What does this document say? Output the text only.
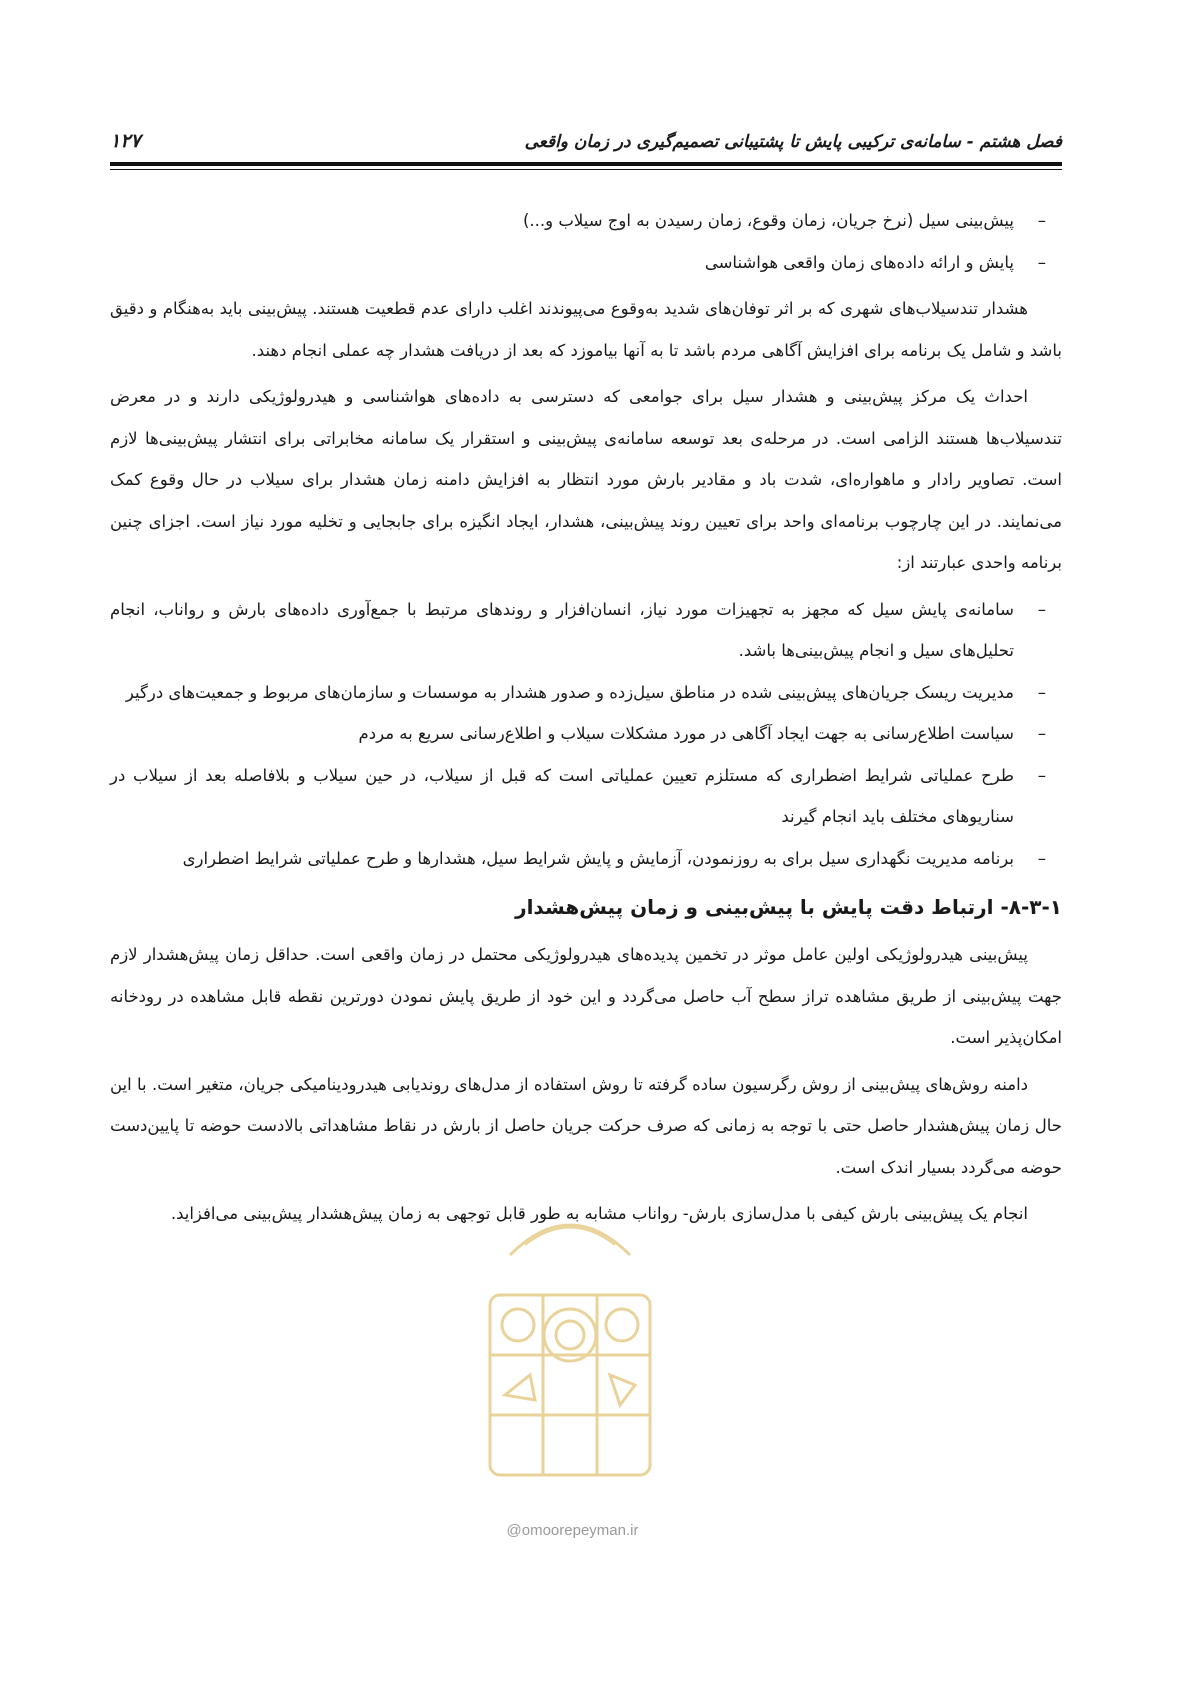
فصل هشتم - سامانه‌ی ترکیبی پایش تا پشتیبانی تصمیم‌گیری در زمان واقعی
۱۲۷
–
پیش‌بینی سیل (نرخ جریان، زمان وقوع، زمان رسیدن به اوج سیلاب و...)
–
پایش و ارائه داده‌های زمان واقعی هواشناسی

هشدار تندسیلاب‌های شهری که بر اثر توفان‌های شدید به‌وقوع می‌پیوندند اغلب دارای عدم قطعیت هستند. پیش‌بینی باید به‌هنگام و دقیق باشد و شامل یک برنامه برای افزایش آگاهی مردم باشد تا به آنها بیاموزد که بعد از دریافت هشدار چه عملی انجام دهند.

احداث یک مرکز پیش‌بینی و هشدار سیل برای جوامعی که دسترسی به داده‌های هواشناسی و هیدرولوژیکی دارند و در معرض تندسیلاب‌ها هستند الزامی است. در مرحله‌ی بعد توسعه سامانه‌ی پیش‌بینی و استقرار یک سامانه مخابراتی برای انتشار پیش‌بینی‌ها لازم است. تصاویر رادار و ماهواره‌ای، شدت باد و مقادیر بارش مورد انتظار به افزایش دامنه زمان هشدار برای سیلاب در حال وقوع کمک می‌نمایند. در این چارچوب برنامه‌ای واحد برای تعیین روند پیش‌بینی، هشدار، ایجاد انگیزه برای جابجایی و تخلیه مورد نیاز است. اجزای چنین برنامه واحدی عبارتند از:

–
سامانه‌ی پایش سیل که مجهز به تجهیزات مورد نیاز، انسان‌افزار و روندهای مرتبط با جمع‌آوری داده‌های بارش و رواناب، انجام تحلیل‌های سیل و انجام پیش‌بینی‌ها باشد.
–
مدیریت ریسک جریان‌های پیش‌بینی شده در مناطق سیل‌زده و صدور هشدار به موسسات و سازمان‌های مربوط و جمعیت‌های درگیر
–
سیاست اطلاع‌رسانی به جهت ایجاد آگاهی در مورد مشکلات سیلاب و اطلاع‌رسانی سریع به مردم
–
طرح عملیاتی شرایط اضطراری که مستلزم تعیین عملیاتی است که قبل از سیلاب، در حین سیلاب و بلافاصله بعد از سیلاب در سناریوهای مختلف باید انجام گیرند
–
برنامه مدیریت نگهداری سیل برای به روزنمودن، آزمایش و پایش شرایط سیل، هشدارها و طرح عملیاتی شرایط اضطراری
۸-۳-۱- ارتباط دقت پایش با پیش‌بینی و زمان پیش‌هشدار

پیش‌بینی هیدرولوژیکی اولین عامل موثر در تخمین پدیده‌های هیدرولوژیکی محتمل در زمان واقعی است. حداقل زمان پیش‌هشدار لازم جهت پیش‌بینی از طریق مشاهده تراز سطح آب حاصل می‌گردد و این خود از طریق پایش نمودن دورترین نقطه قابل مشاهده در رودخانه امکان‌پذیر است.

دامنه روش‌های پیش‌بینی از روش رگرسیون ساده گرفته تا روش استفاده از مدل‌های روندیابی هیدرودینامیکی جریان، متغیر است. با این حال زمان پیش‌هشدار حاصل حتی با توجه به زمانی که صرف حرکت جریان حاصل از بارش در نقاط مشاهداتی بالادست حوضه تا پایین‌دست حوضه می‌گردد بسیار اندک است.

انجام یک پیش‌بینی بارش کیفی با مدل‌سازی بارش- رواناب مشابه به طور قابل توجهی به زمان پیش‌هشدار پیش‌بینی می‌افزاید.

@omoorepeyman.ir
